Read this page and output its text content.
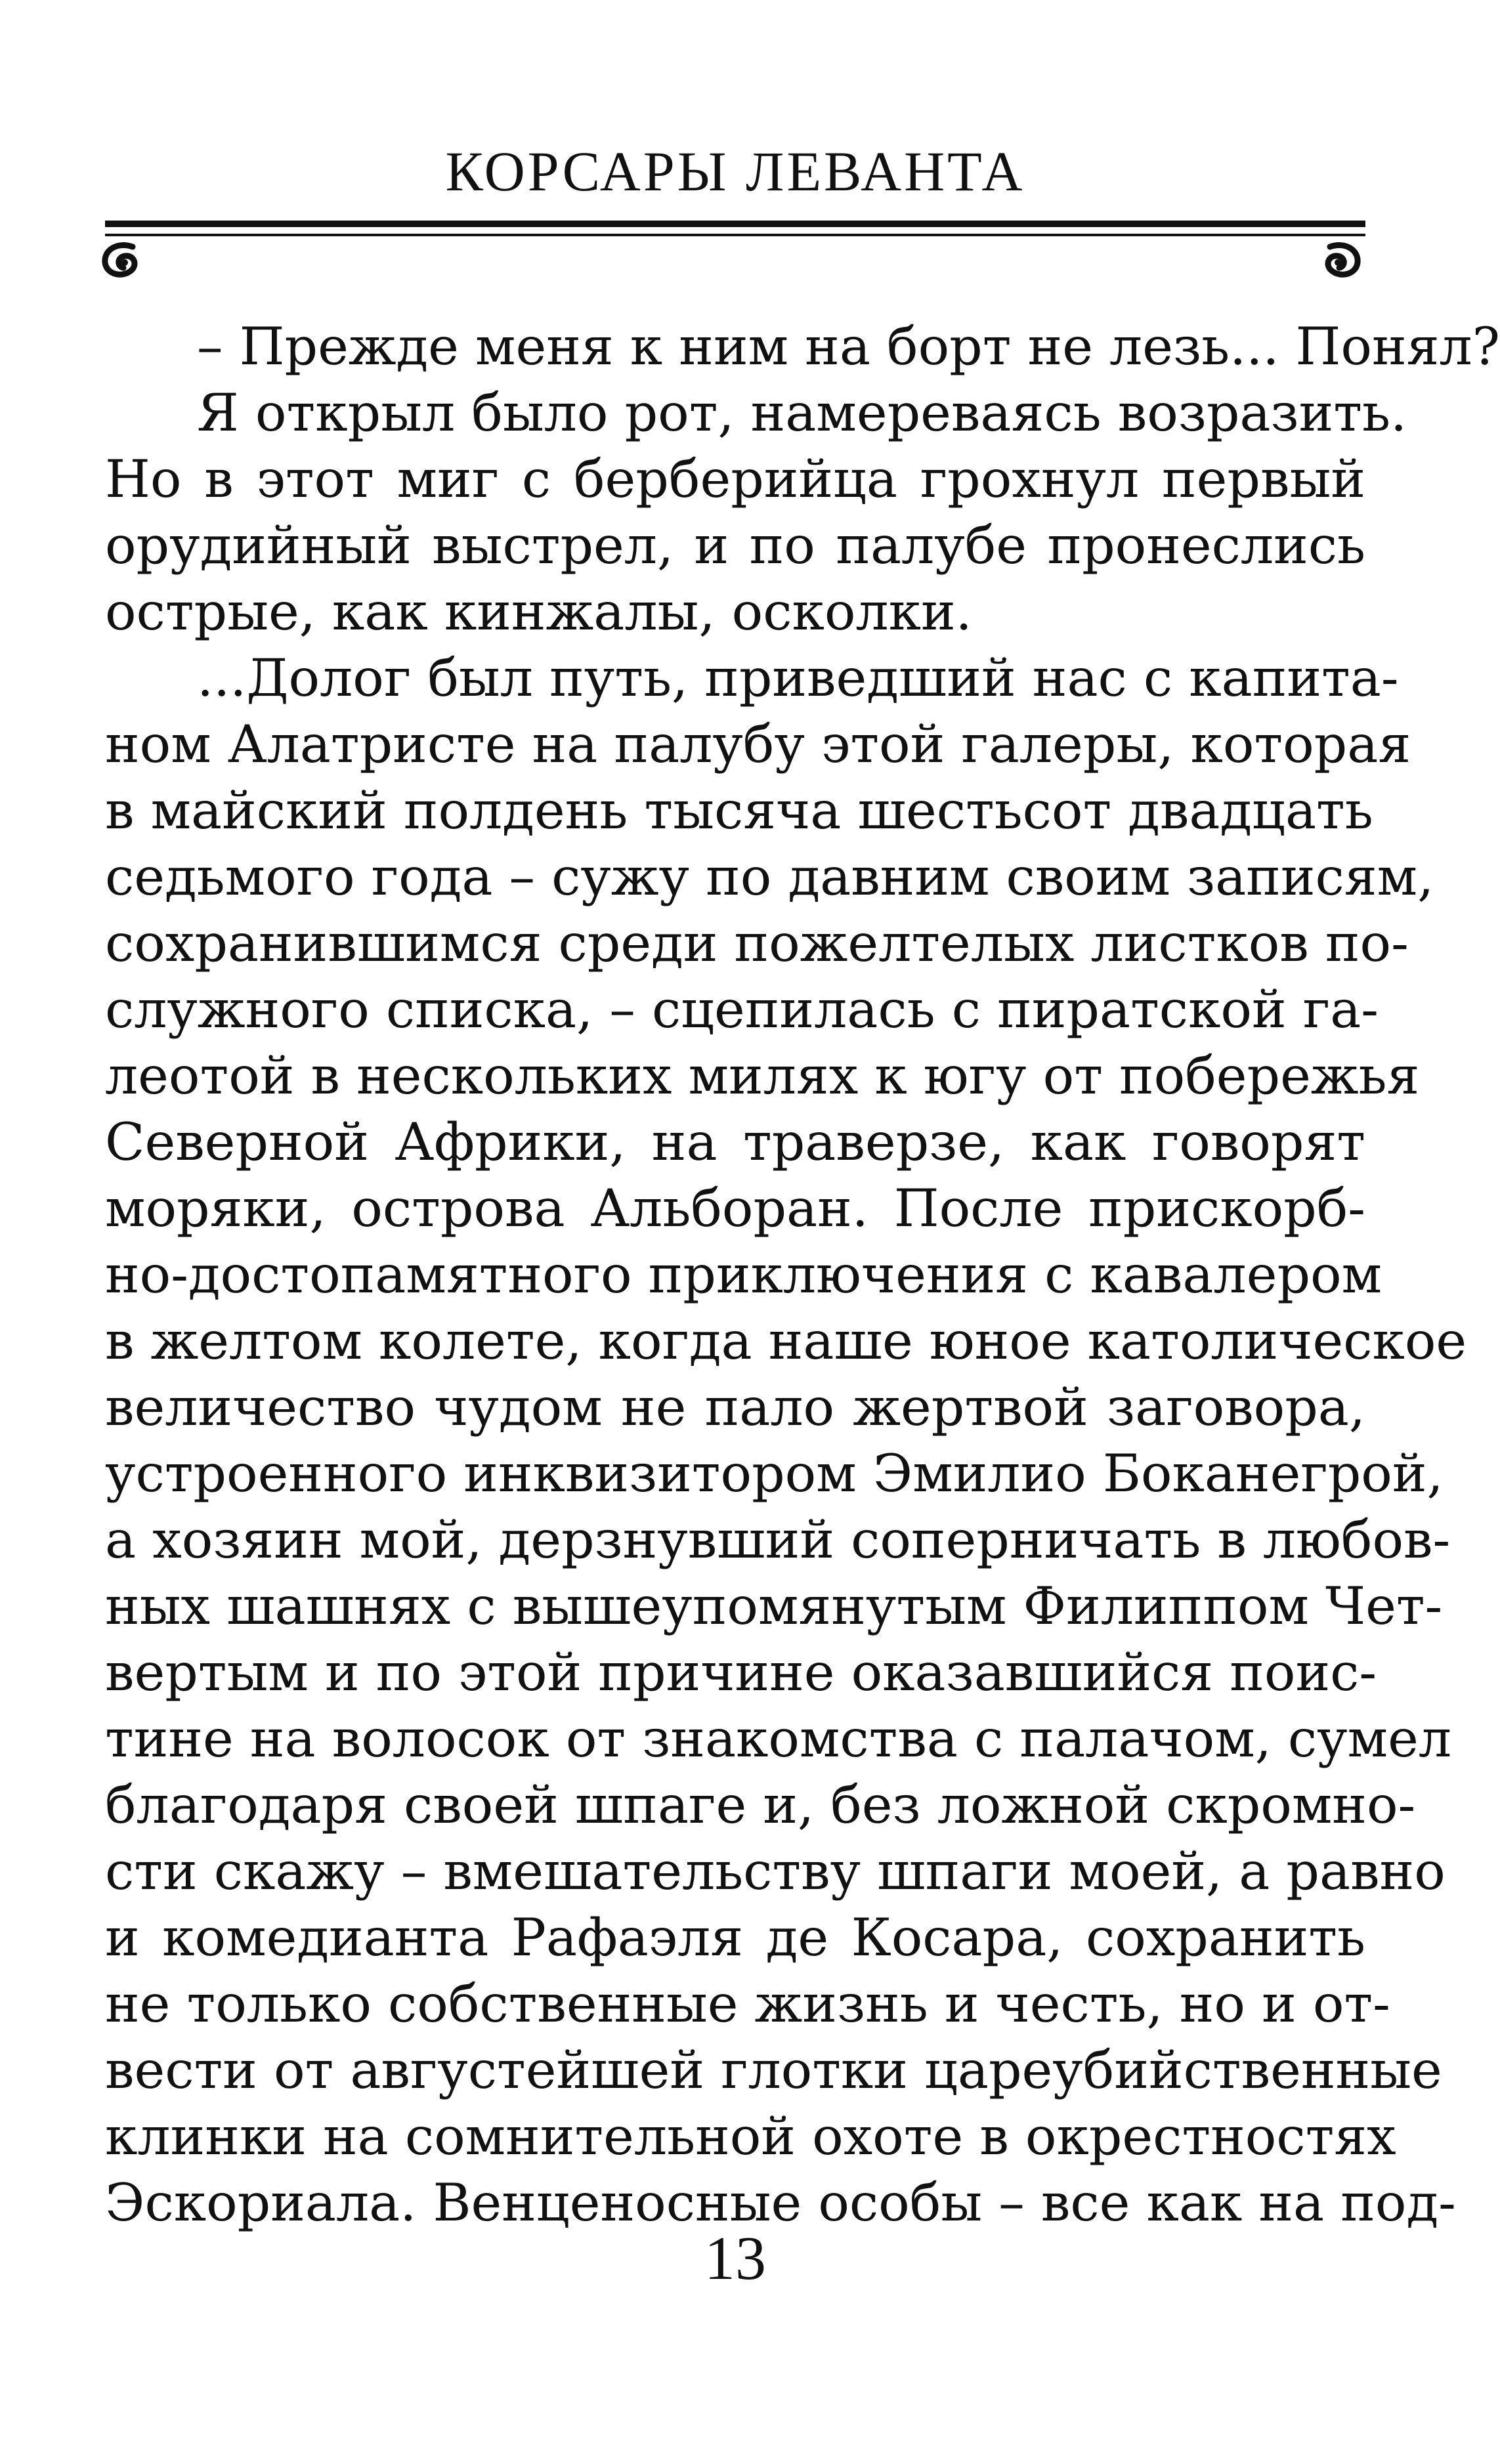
КОРСАРЫ ЛЕВАНТА
– Прежде меня к ним на борт не лезь... Понял?
Я открыл было рот, намереваясь возразить.
Но в этот миг с берберийца грохнул первый
орудийный выстрел, и по палубе пронеслись
острые, как кинжалы, осколки.
...Долог был путь, приведший нас с капита-
ном Алатристе на палубу этой галеры, которая
в майский полдень тысяча шестьсот двадцать
седьмого года – сужу по давним своим записям,
сохранившимся среди пожелтелых листков по-
служного списка, – сцепилась с пиратской га-
леотой в нескольких милях к югу от побережья
Северной Африки, на траверзе, как говорят
моряки, острова Альборан. После прискорб-
но-достопамятного приключения с кавалером
в желтом колете, когда наше юное католическое
величество чудом не пало жертвой заговора,
устроенного инквизитором Эмилио Боканегрой,
а хозяин мой, дерзнувший соперничать в любов-
ных шашнях с вышеупомянутым Филиппом Чет-
вертым и по этой причине оказавшийся поис-
тине на волосок от знакомства с палачом, сумел
благодаря своей шпаге и, без ложной скромно-
сти скажу – вмешательству шпаги моей, а равно
и комедианта Рафаэля де Косара, сохранить
не только собственные жизнь и честь, но и от-
вести от августейшей глотки цареубийственные
клинки на сомнительной охоте в окрестностях
Эскориала. Венценосные особы – все как на под-
13
